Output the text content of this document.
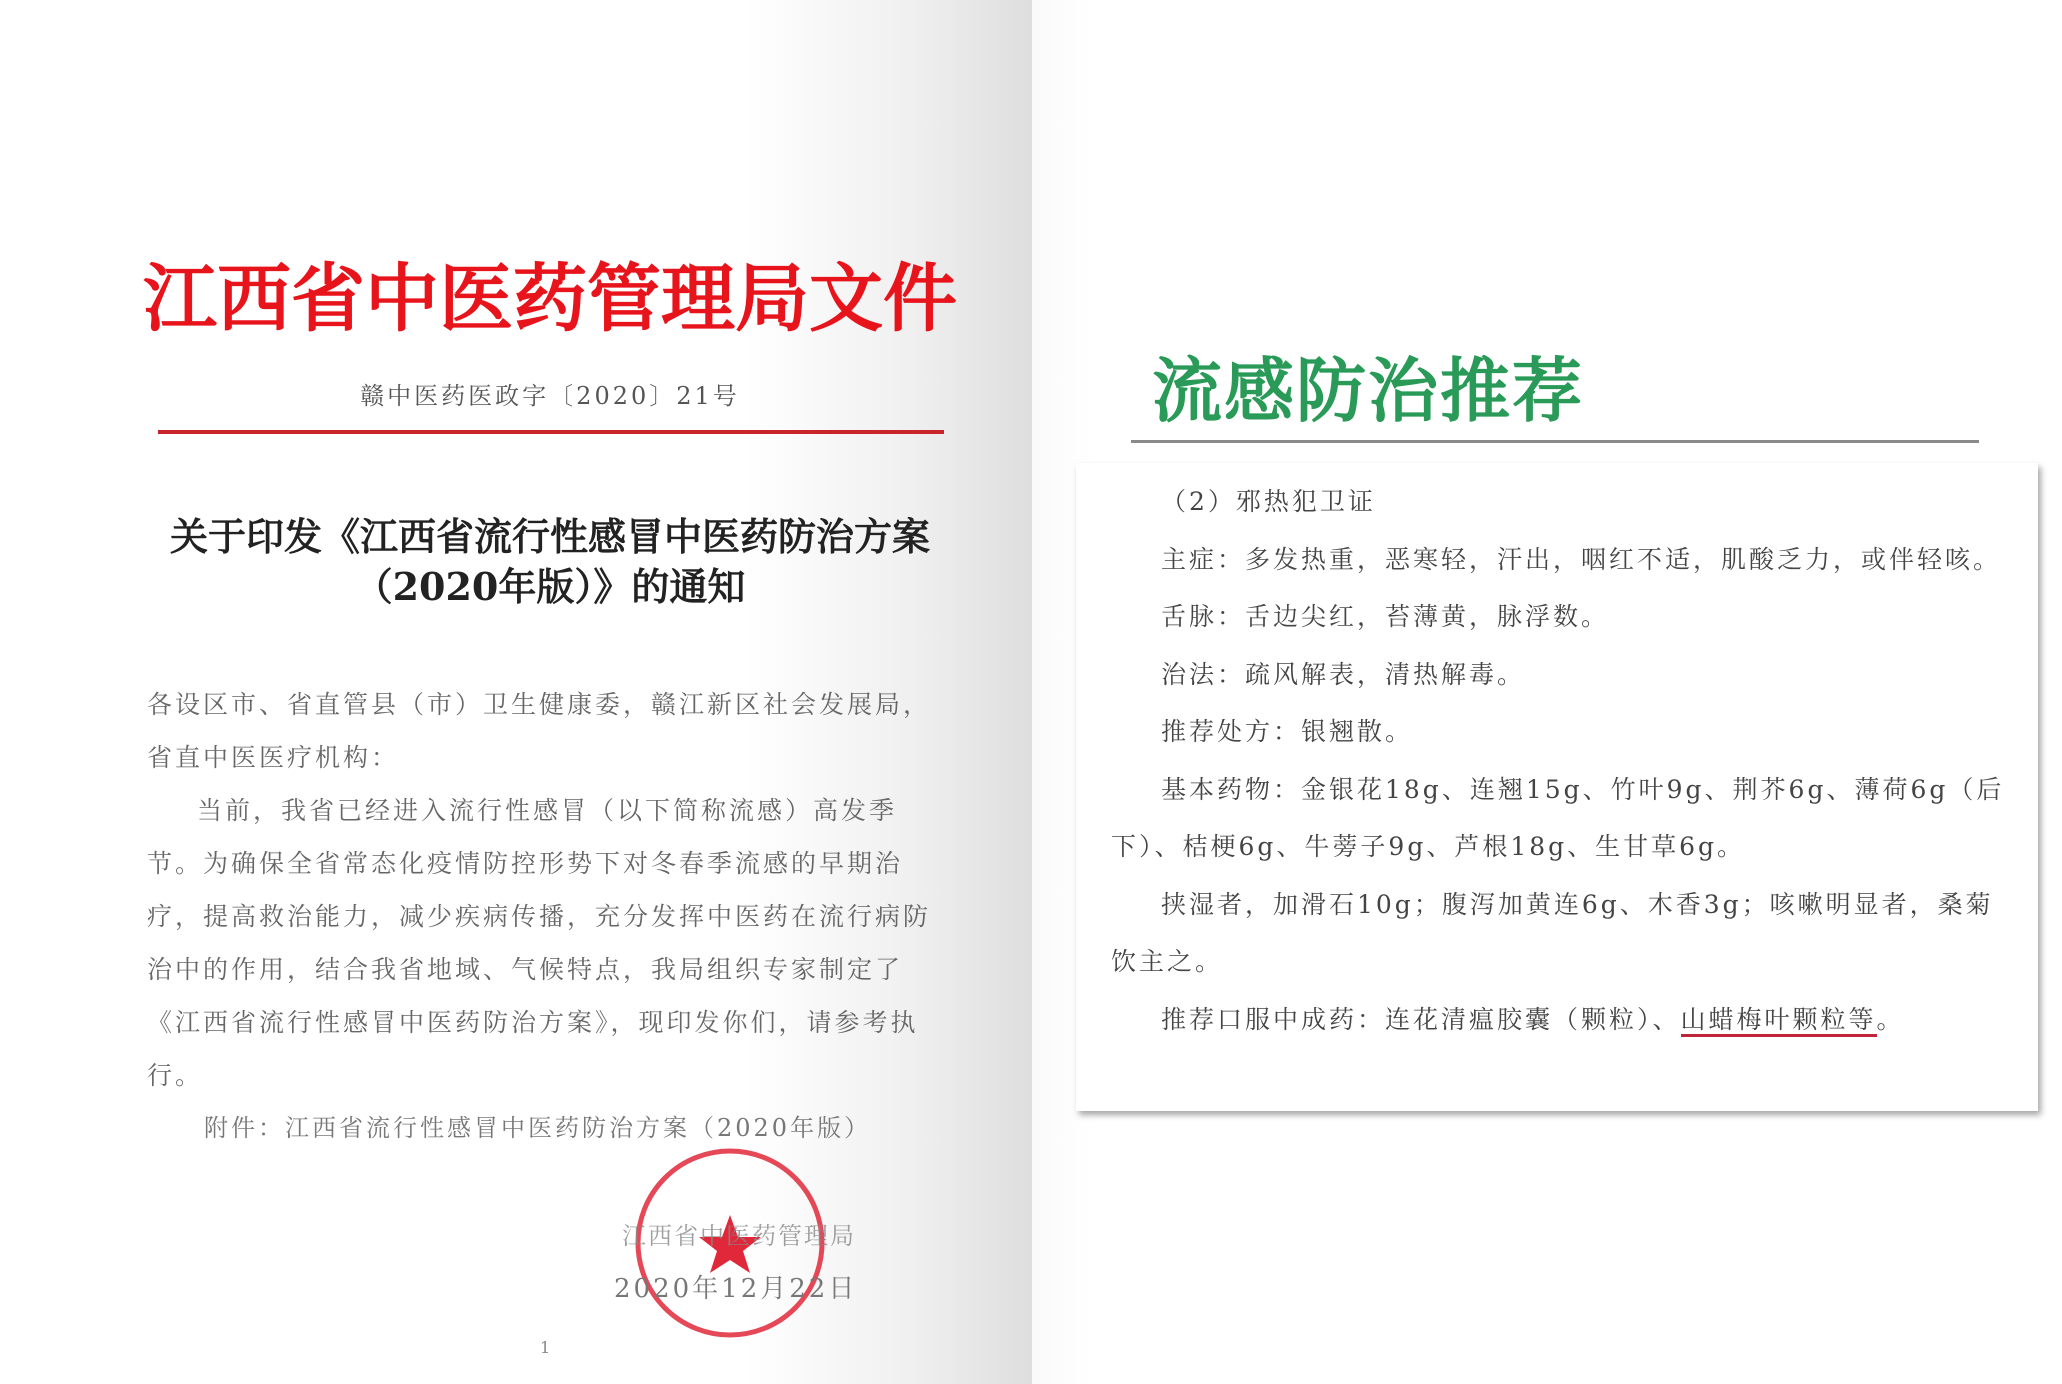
江西省中医药管理局文件
赣中医药医政字〔2020〕21号
关于印发《江西省流行性感冒中医药防治方案
（2020年版）》的通知

各设区市、省直管县（市）卫生健康委，赣江新区社会发展局，省直中医医疗机构：

当前，我省已经进入流行性感冒（以下简称流感）高发季节。为确保全省常态化疫情防控形势下对冬春季流感的早期治疗，提高救治能力，减少疾病传播，充分发挥中医药在流行病防治中的作用，结合我省地域、气候特点，我局组织专家制定了《江西省流行性感冒中医药防治方案》，现印发你们，请参考执行。

附件：江西省流行性感冒中医药防治方案（2020年版）
江西省中医药管理局
2020年12月22日
1
流感防治推荐

（2）邪热犯卫证

主症：多发热重，恶寒轻，汗出，咽红不适，肌酸乏力，或伴轻咳。

舌脉：舌边尖红，苔薄黄，脉浮数。

治法：疏风解表，清热解毒。

推荐处方：银翘散。

基本药物：金银花18g、连翘15g、竹叶9g、荆芥6g、薄荷6g（后下）、桔梗6g、牛蒡子9g、芦根18g、生甘草6g。

挟湿者，加滑石10g；腹泻加黄连6g、木香3g；咳嗽明显者，桑菊饮主之。

推荐口服中成药：连花清瘟胶囊（颗粒）、山蜡梅叶颗粒等。
